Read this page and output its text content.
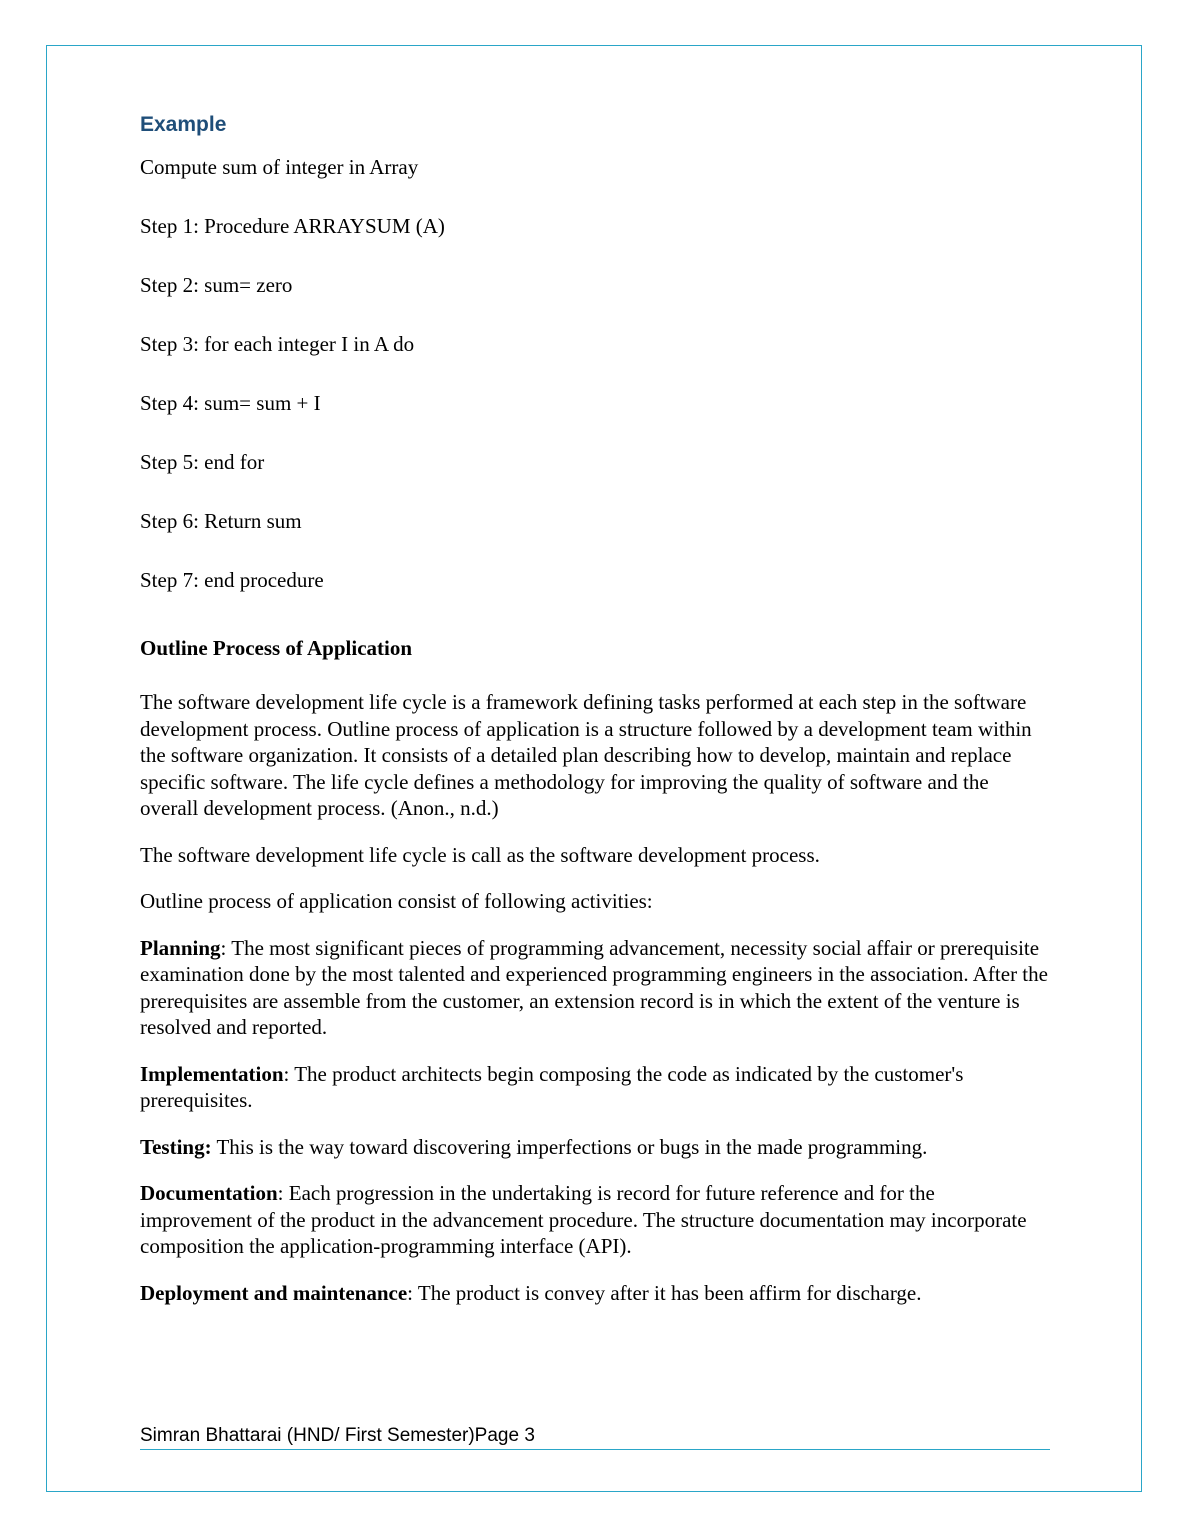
Example

Compute sum of integer in Array

Step 1: Procedure ARRAYSUM (A)

Step 2: sum= zero

Step 3: for each integer I in A do

Step 4: sum= sum + I

Step 5: end for

Step 6: Return sum

Step 7: end procedure

Outline Process of Application

The software development life cycle is a framework defining tasks performed at each step in the software development process. Outline process of application is a structure followed by a development team within the software organization. It consists of a detailed plan describing how to develop, maintain and replace specific software. The life cycle defines a methodology for improving the quality of software and the overall development process. (Anon., n.d.)

The software development life cycle is call as the software development process.

Outline process of application consist of following activities:

Planning: The most significant pieces of programming advancement, necessity social affair or prerequisite examination done by the most talented and experienced programming engineers in the association. After the prerequisites are assemble from the customer, an extension record is in which the extent of the venture is resolved and reported.

Implementation: The product architects begin composing the code as indicated by the customer's prerequisites.

Testing: This is the way toward discovering imperfections or bugs in the made programming.

Documentation: Each progression in the undertaking is record for future reference and for the improvement of the product in the advancement procedure. The structure documentation may incorporate composition the application-programming interface (API).

Deployment and maintenance: The product is convey after it has been affirm for discharge.

Simran Bhattarai (HND/ First Semester)Page 3
